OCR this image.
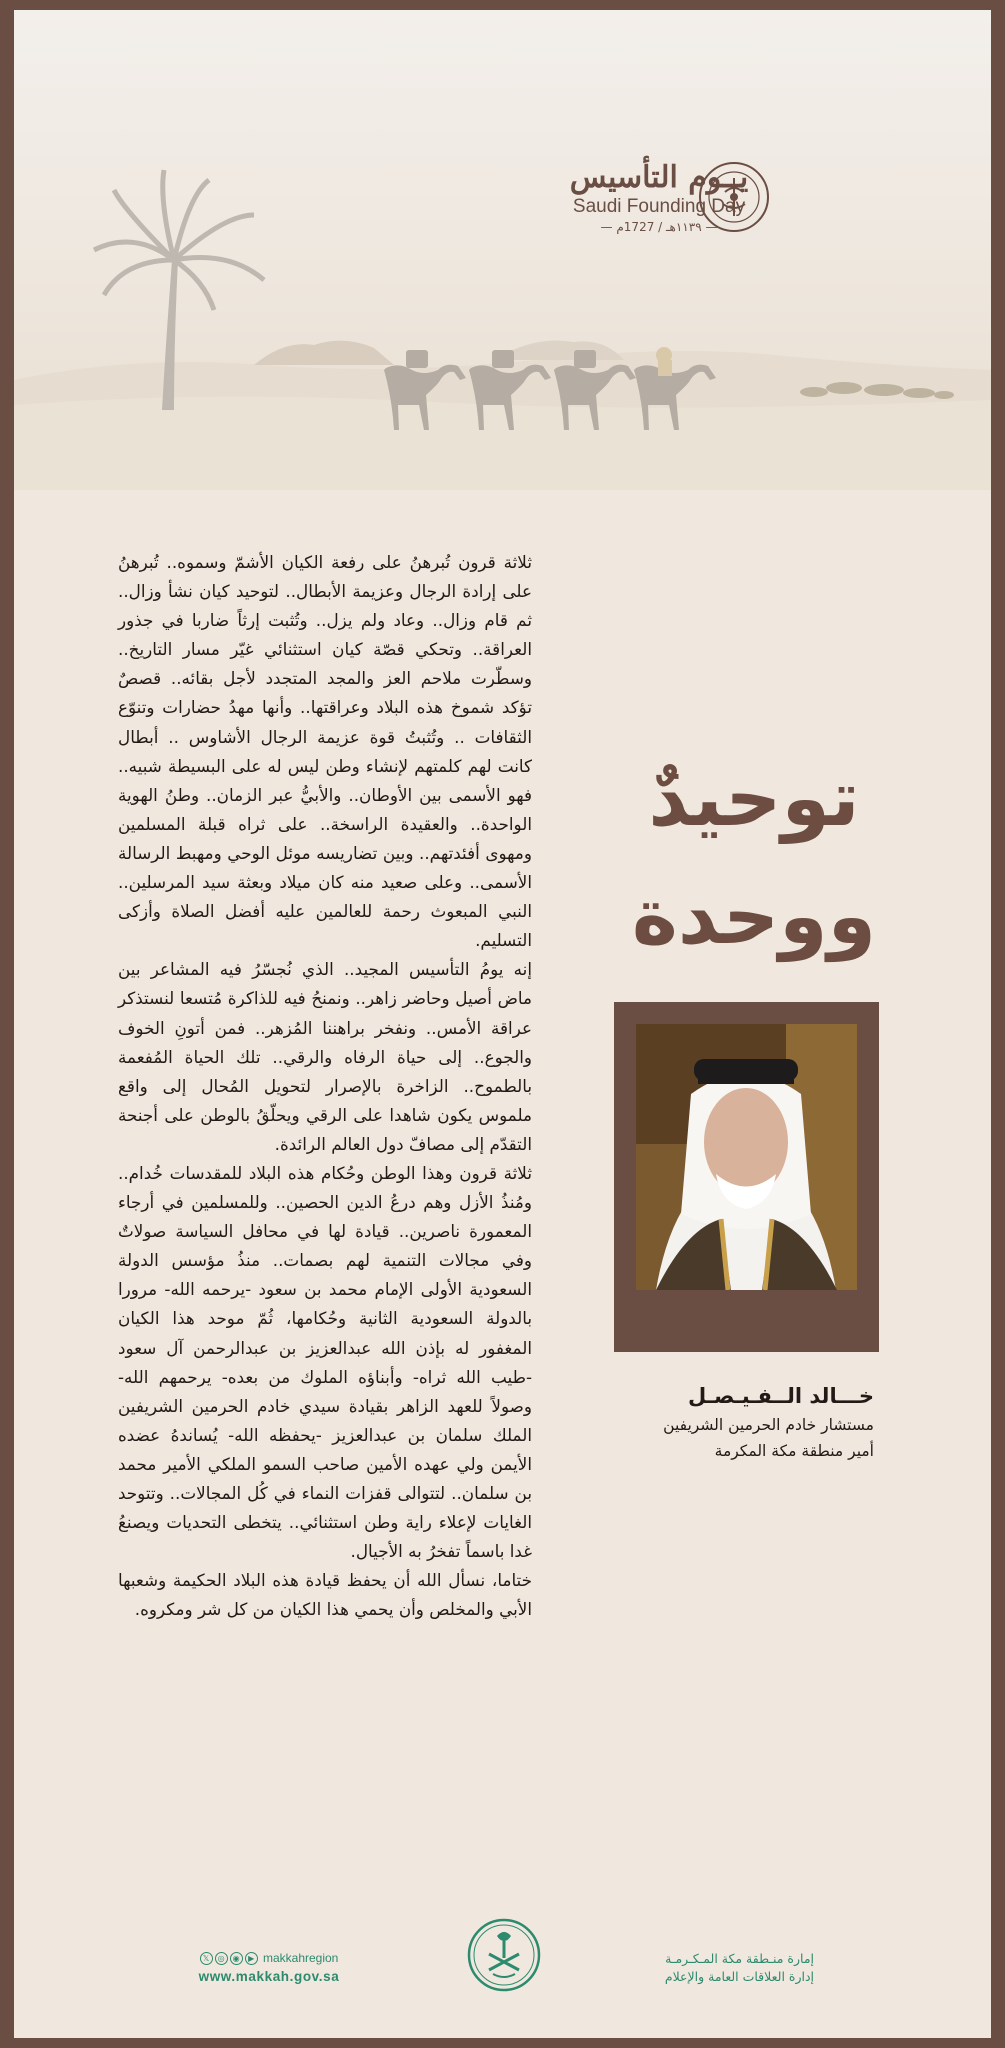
يــوم التأسيس
Saudi Founding Day
— ١١٣٩هـ / 1727م —

ثلاثة قرون تُبرهنُ على رفعة الكيان الأشمّ وسموه.. تُبرهنُ على إرادة الرجال وعزيمة الأبطال.. لتوحيد كيان نشأ وزال.. ثم قام وزال.. وعاد ولم يزل.. وتُثبت إرثاً ضاربا في جذور العراقة.. وتحكي قصّة كيان استثنائي غيّر مسار التاريخ.. وسطّرت ملاحم العز والمجد المتجدد لأجل بقائه.. قصصٌ تؤكد شموخ هذه البلاد وعراقتها.. وأنها مهدُ حضارات وتنوّع الثقافات .. وتُثبتُ قوة عزيمة الرجال الأشاوس .. أبطال كانت لهم كلمتهم لإنشاء وطن ليس له على البسيطة شبيه.. فهو الأسمى بين الأوطان.. والأبيُّ عبر الزمان.. وطنُ الهوية الواحدة.. والعقيدة الراسخة.. على ثراه قبلة المسلمين ومهوى أفئدتهم.. وبين تضاريسه موئل الوحي ومهبط الرسالة الأسمى.. وعلى صعيد منه كان ميلاد وبعثة سيد المرسلين.. النبي المبعوث رحمة للعالمين عليه أفضل الصلاة وأزكى التسليم.

إنه يومُ التأسيس المجيد.. الذي نُجسّرُ فيه المشاعر بين ماض أصيل وحاضر زاهر.. ونمنحُ فيه للذاكرة مُتسعا لنستذكر عراقة الأمس.. ونفخر براهننا المُزهر.. فمن أتونِ الخوف والجوع.. إلى حياة الرفاه والرقي.. تلك الحياة المُفعمة بالطموح.. الزاخرة بالإصرار لتحويل المُحال إلى واقع ملموس يكون شاهدا على الرقي ويحلّقُ بالوطن على أجنحة التقدّم إلى مصافّ دول العالم الرائدة.

ثلاثة قرون وهذا الوطن وحُكام هذه البلاد للمقدسات خُدام.. ومُنذُ الأزل وهم درعُ الدين الحصين.. وللمسلمين في أرجاء المعمورة ناصرين.. قيادة لها في محافل السياسة صولاتٌ وفي مجالات التنمية لهم بصمات.. منذُ مؤسس الدولة السعودية الأولى الإمام محمد بن سعود -يرحمه الله- مرورا بالدولة السعودية الثانية وحُكامها، ثُمّ موحد هذا الكيان المغفور له بإذن الله عبدالعزيز بن عبدالرحمن آل سعود -طيب الله ثراه- وأبناؤه الملوك من بعده- يرحمهم الله- وصولاً للعهد الزاهر بقيادة سيدي خادم الحرمين الشريفين الملك سلمان بن عبدالعزيز -يحفظه الله- يُساندهُ عضده الأيمن ولي عهده الأمين صاحب السمو الملكي الأمير محمد بن سلمان.. لتتوالى قفزات النماء في كُل المجالات.. وتتوحد الغايات لإعلاء راية وطن استثنائي.. يتخطى التحديات ويصنعُ غدا باسماً تفخرُ به الأجيال.

ختاما، نسأل الله أن يحفظ قيادة هذه البلاد الحكيمة وشعبها الأبي والمخلص وأن يحمي هذا الكيان من كل شر ومكروه.

توحيدٌ
ووحدة
خـــالد الــفـيـصـل
مستشار خادم الحرمين الشريفين
أمير منطقة مكة المكرمة
𝕏 ◎ ◉ ▶ makkahregion
www.makkah.gov.sa
إمارة منـطقة مكة المـكـرمـة
إدارة العلاقات العامة والإعلام
